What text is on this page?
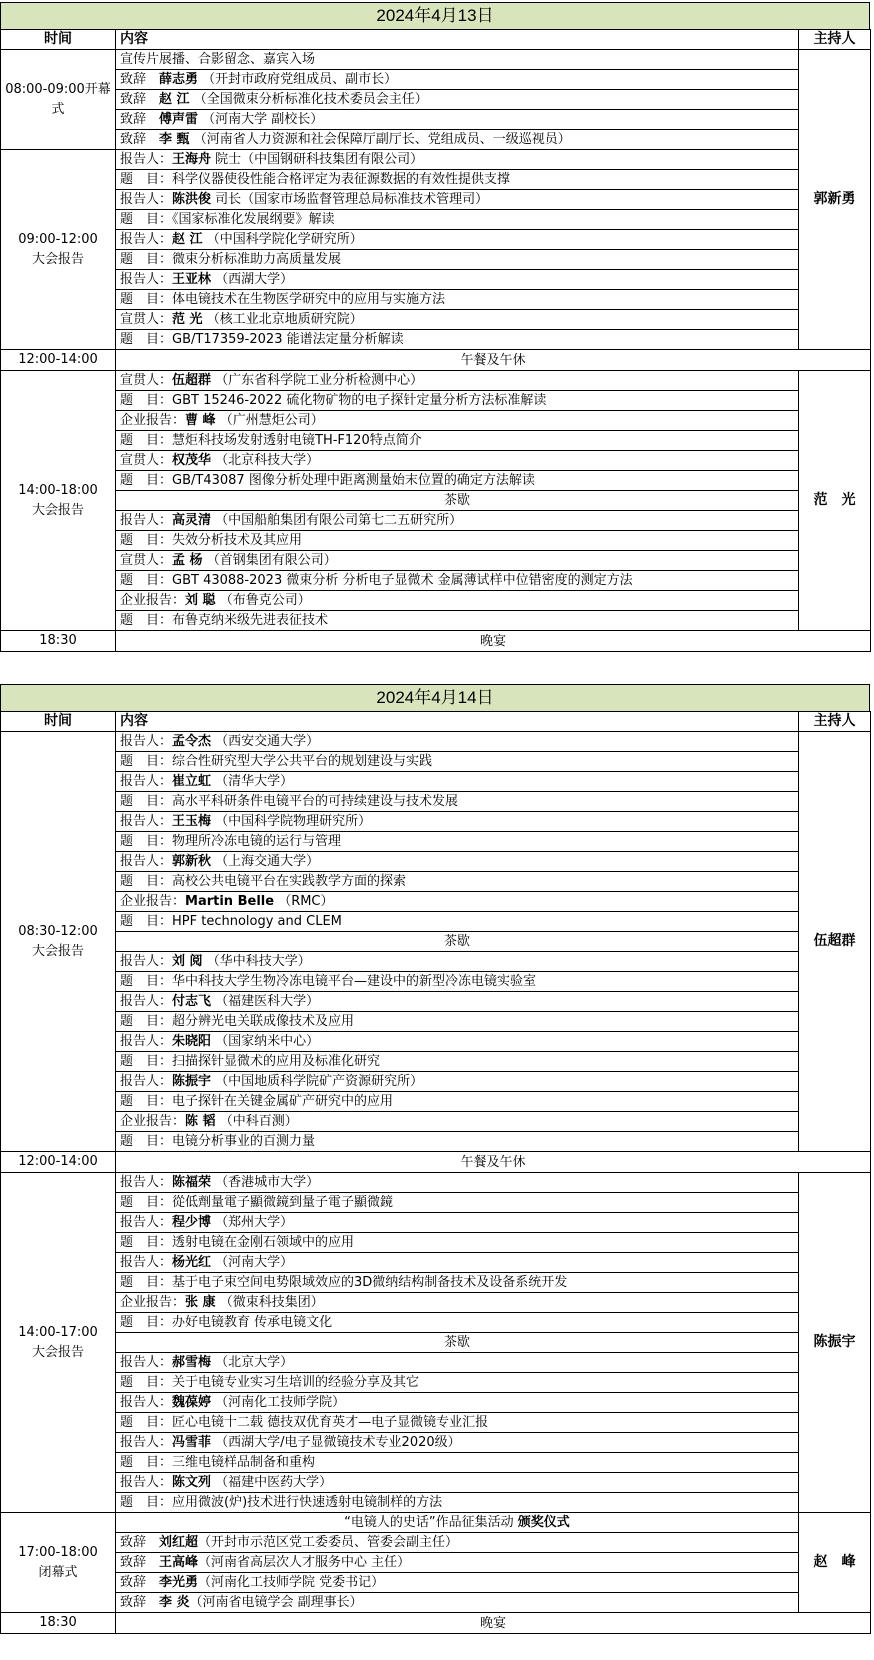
2024年4月13日
时间	内容	主持人
08:00-09:00开幕式	宣传片展播、合影留念、嘉宾入场	郭新勇
	致辞  薛志勇 （开封市政府党组成员、副市长）	
	致辞  赵 江 （全国微束分析标准化技术委员会主任）	
	致辞  傅声雷 （河南大学 副校长）	
	致辞  李 甄 （河南省人力资源和社会保障厅副厅长、党组成员、一级巡视员）	
09:00-12:00
大会报告	报告人：王海舟 院士（中国钢研科技集团有限公司）	
	题　目：科学仪器使役性能合格评定为表征源数据的有效性提供支撑	
	报告人：陈洪俊 司长（国家市场监督管理总局标准技术管理司）	
	题　目：《国家标准化发展纲要》解读	
	报告人：赵 江 （中国科学院化学研究所）	
	题　目：微束分析标准助力高质量发展	
	报告人：王亚林 （西湖大学）	
	题　目：体电镜技术在生物医学研究中的应用与实施方法	
	宣贯人：范 光 （核工业北京地质研究院）	
	题　目：GB/T17359-2023 能谱法定量分析解读	
12:00-14:00	午餐及午休	
14:00-18:00
大会报告	宣贯人：伍超群 （广东省科学院工业分析检测中心）	范　光
	题　目：GBT 15246-2022 硫化物矿物的电子探针定量分析方法标准解读	
	企业报告：曹 峰 （广州慧炬公司）	
	题　目：慧炬科技场发射透射电镜TH-F120特点简介	
	宣贯人：权茂华 （北京科技大学）	
	题　目：GB/T43087 图像分析处理中距离测量始末位置的确定方法解读	
	茶歇	
	报告人：高灵清 （中国船舶集团有限公司第七二五研究所）	
	题　目：失效分析技术及其应用	
	宣贯人：孟 杨 （首钢集团有限公司）	
	题　目：GBT 43088-2023 微束分析 分析电子显微术 金属薄试样中位错密度的测定方法	
	企业报告：刘 聪 （布鲁克公司）	
	题　目：布鲁克纳米级先进表征技术	
18:30	晚宴	
2024年4月14日
时间	内容	主持人
08:30-12:00
大会报告	报告人：孟令杰 （西安交通大学）	伍超群
	题　目：综合性研究型大学公共平台的规划建设与实践	
	报告人：崔立虹 （清华大学）	
	题　目：高水平科研条件电镜平台的可持续建设与技术发展	
	报告人：王玉梅 （中国科学院物理研究所）	
	题　目：物理所冷冻电镜的运行与管理	
	报告人：郭新秋 （上海交通大学）	
	题　目：高校公共电镜平台在实践教学方面的探索	
	企业报告：Martin Belle （RMC）	
	题　目：HPF technology and CLEM	
	茶歇	
	报告人：刘 阅 （华中科技大学）	
	题　目：华中科技大学生物冷冻电镜平台—建设中的新型冷冻电镜实验室	
	报告人：付志飞 （福建医科大学）	
	题　目：超分辨光电关联成像技术及应用	
	报告人：朱晓阳 （国家纳米中心）	
	题　目：扫描探针显微术的应用及标准化研究	
	报告人：陈振宇 （中国地质科学院矿产资源研究所）	
	题　目：电子探针在关键金属矿产研究中的应用	
	企业报告：陈 韬 （中科百测）	
	题　目：电镜分析事业的百测力量	
12:00-14:00	午餐及午休	
14:00-17:00
大会报告	报告人：陈福荣 （香港城市大学）	陈振宇
	题　目：從低劑量電子顯微鏡到量子電子顯微鏡	
	报告人：程少博 （郑州大学）	
	题　目：透射电镜在金刚石领域中的应用	
	报告人：杨光红 （河南大学）	
	题　目：基于电子束空间电势限域效应的3D微纳结构制备技术及设备系统开发	
	企业报告：张 康 （微束科技集团）	
	题　目：办好电镜教育 传承电镜文化	
	茶歇	
	报告人：郝雪梅 （北京大学）	
	题　目：关于电镜专业实习生培训的经验分享及其它	
	报告人：魏葆婷 （河南化工技师学院）	
	题　目：匠心电镜十二载 德技双优育英才—电子显微镜专业汇报	
	报告人：冯雪菲 （西湖大学/电子显微镜技术专业2020级）	
	题　目：三维电镜样品制备和重构	
	报告人：陈文列 （福建中医药大学）	
	题　目：应用微波(炉)技术进行快速透射电镜制样的方法	
17:00-18:00
闭幕式	“电镜人的史话”作品征集活动 颁奖仪式	赵　峰
	致辞  刘红超（开封市示范区党工委委员、管委会副主任）	
	致辞  王高峰（河南省高层次人才服务中心 主任）	
	致辞  李光勇（河南化工技师学院 党委书记）	
	致辞  李 炎（河南省电镜学会 副理事长）	
18:30	晚宴	
